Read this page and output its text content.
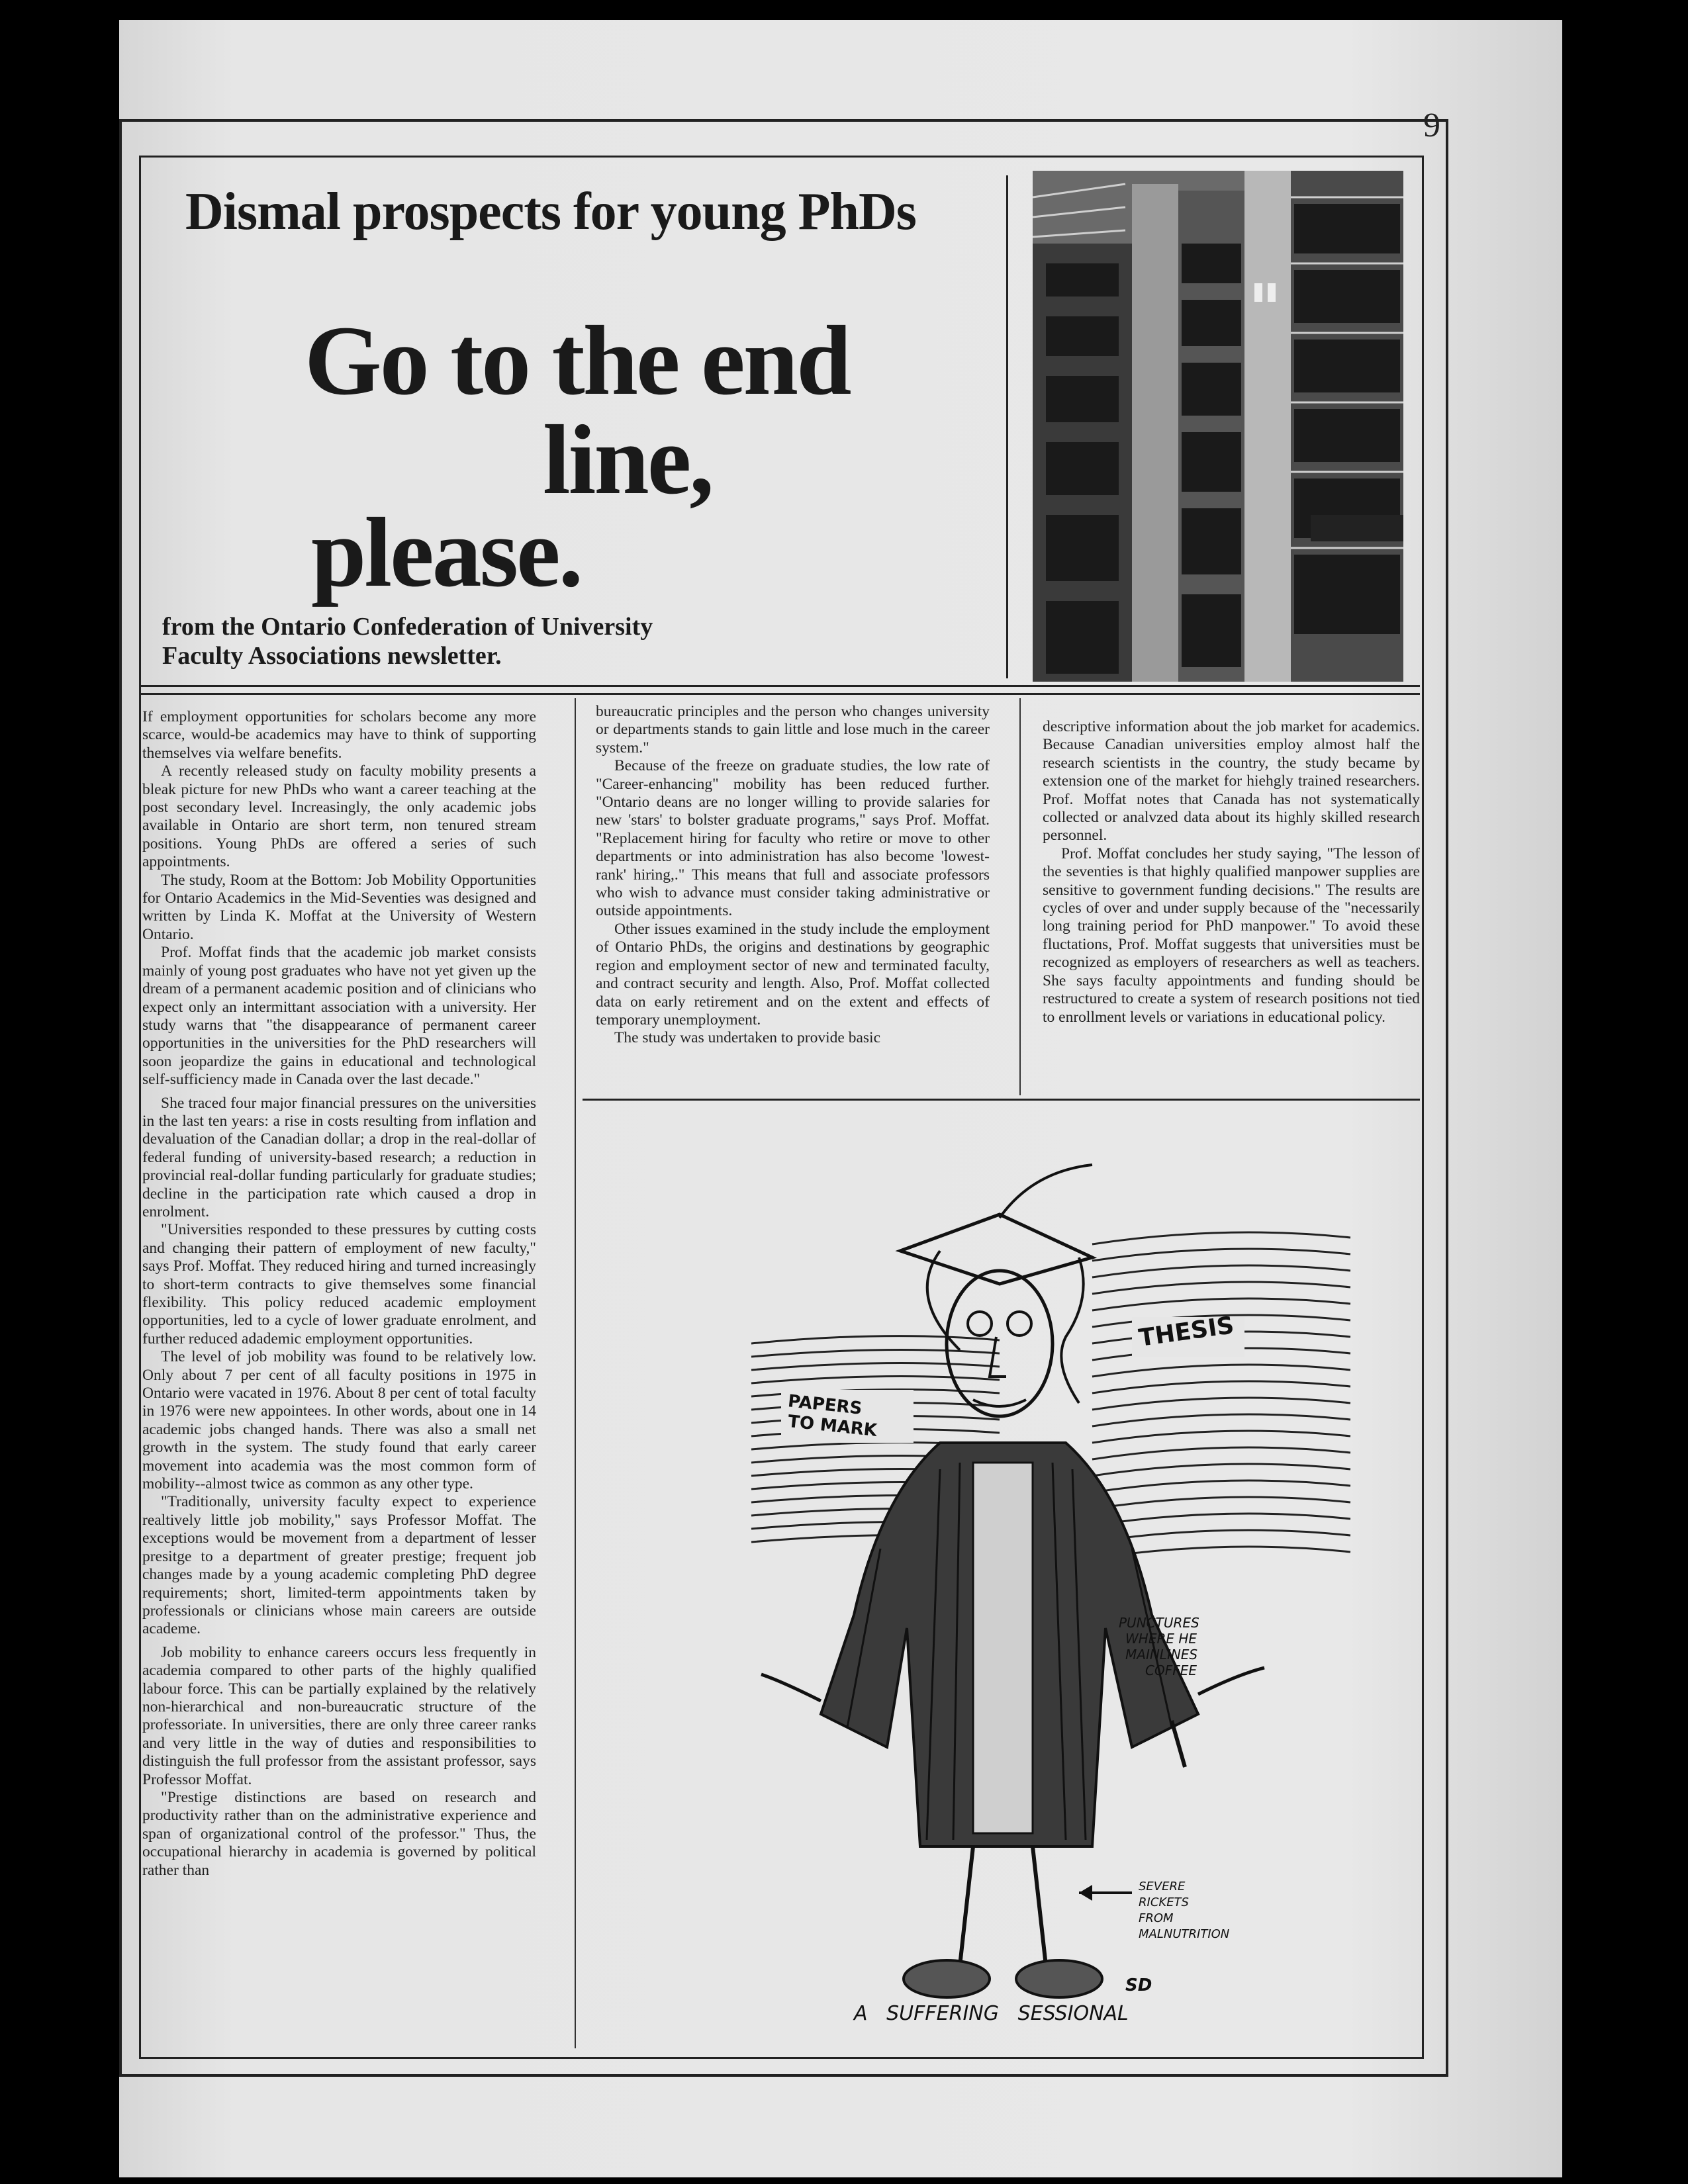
9
Dismal prospects for young PhDs
Go to the end
line,
please.
from the Ontario Confederation of University
Faculty Associations newsletter.

If employment opportunities for scholars become any more scarce, would-be academics may have to think of supporting themselves via welfare benefits.

A recently released study on faculty mobility presents a bleak picture for new PhDs who want a career teaching at the post secondary level. Increasingly, the only academic jobs available in Ontario are short term, non tenured stream positions. Young PhDs are offered a series of such appointments.

The study, Room at the Bottom: Job Mobility Opportunities for Ontario Academics in the Mid-Seventies was designed and written by Linda K. Moffat at the University of Western Ontario.

Prof. Moffat finds that the academic job market consists mainly of young post graduates who have not yet given up the dream of a permanent academic position and of clinicians who expect only an intermittant association with a university. Her study warns that "the disappearance of permanent career opportunities in the universities for the PhD researchers will soon jeopardize the gains in educational and technological self-sufficiency made in Canada over the last decade."

She traced four major financial pressures on the universities in the last ten years: a rise in costs resulting from inflation and devaluation of the Canadian dollar; a drop in the real-dollar of federal funding of university-based research; a reduction in provincial real-dollar funding particularly for graduate studies; decline in the participation rate which caused a drop in enrolment.

"Universities responded to these pressures by cutting costs and changing their pattern of employment of new faculty," says Prof. Moffat. They reduced hiring and turned increasingly to short-term contracts to give themselves some financial flexibility. This policy reduced academic employment opportunities, led to a cycle of lower graduate enrolment, and further reduced adademic employment opportunities.

The level of job mobility was found to be relatively low. Only about 7 per cent of all faculty positions in 1975 in Ontario were vacated in 1976. About 8 per cent of total faculty in 1976 were new appointees. In other words, about one in 14 academic jobs changed hands. There was also a small net growth in the system. The study found that early career movement into academia was the most common form of mobility--almost twice as common as any other type.

"Traditionally, university faculty expect to experience realtively little job mobility," says Professor Moffat. The exceptions would be movement from a department of lesser presitge to a department of greater prestige; frequent job changes made by a young academic completing PhD degree requirements; short, limited-term appointments taken by professionals or clinicians whose main careers are outside academe.

Job mobility to enhance careers occurs less frequently in academia compared to other parts of the highly qualified labour force. This can be partially explained by the relatively non-hierarchical and non-bureaucratic structure of the professoriate. In universities, there are only three career ranks and very little in the way of duties and responsibilities to distinguish the full professor from the assistant professor, says Professor Moffat.

"Prestige distinctions are based on research and productivity rather than on the administrative experience and span of organizational control of the professor." Thus, the occupational hierarchy in academia is governed by political rather than

bureaucratic principles and the person who changes university or departments stands to gain little and lose much in the career system."

Because of the freeze on graduate studies, the low rate of "Career-enhancing" mobility has been reduced further. "Ontario deans are no longer willing to provide salaries for new 'stars' to bolster graduate programs," says Prof. Moffat. "Replacement hiring for faculty who retire or move to other departments or into administration has also become 'lowest-rank' hiring,." This means that full and associate professors who wish to advance must consider taking administrative or outside appointments.

Other issues examined in the study include the employment of Ontario PhDs, the origins and destinations by geographic region and employment sector of new and terminated faculty, and contract security and length. Also, Prof. Moffat collected data on early retirement and on the extent and effects of temporary unemployment.

The study was undertaken to provide basic

descriptive information about the job market for academics. Because Canadian universities employ almost half the research scientists in the country, the study became by extension one of the market for hiehgly trained researchers. Prof. Moffat notes that Canada has not systematically collected or analvzed data about its highly skilled research personnel.

Prof. Moffat concludes her study saying, "The lesson of the seventies is that highly qualified manpower supplies are sensitive to government funding decisions." The results are cycles of over and under supply because of the "necessarily long training period for PhD manpower." To avoid these fluctations, Prof. Moffat suggests that universities must be recognized as employers of researchers as well as teachers. She says faculty appointments and funding should be restructured to create a system of research positions not tied to enrollment levels or variations in educational policy.

THESIS
PAPERS
TO MARK
PUNCTURES
WHERE HE
MAINLINES
COFFEE
SEVERE
RICKETS
FROM
MALNUTRITION
SD
A   SUFFERING   SESSIONAL
